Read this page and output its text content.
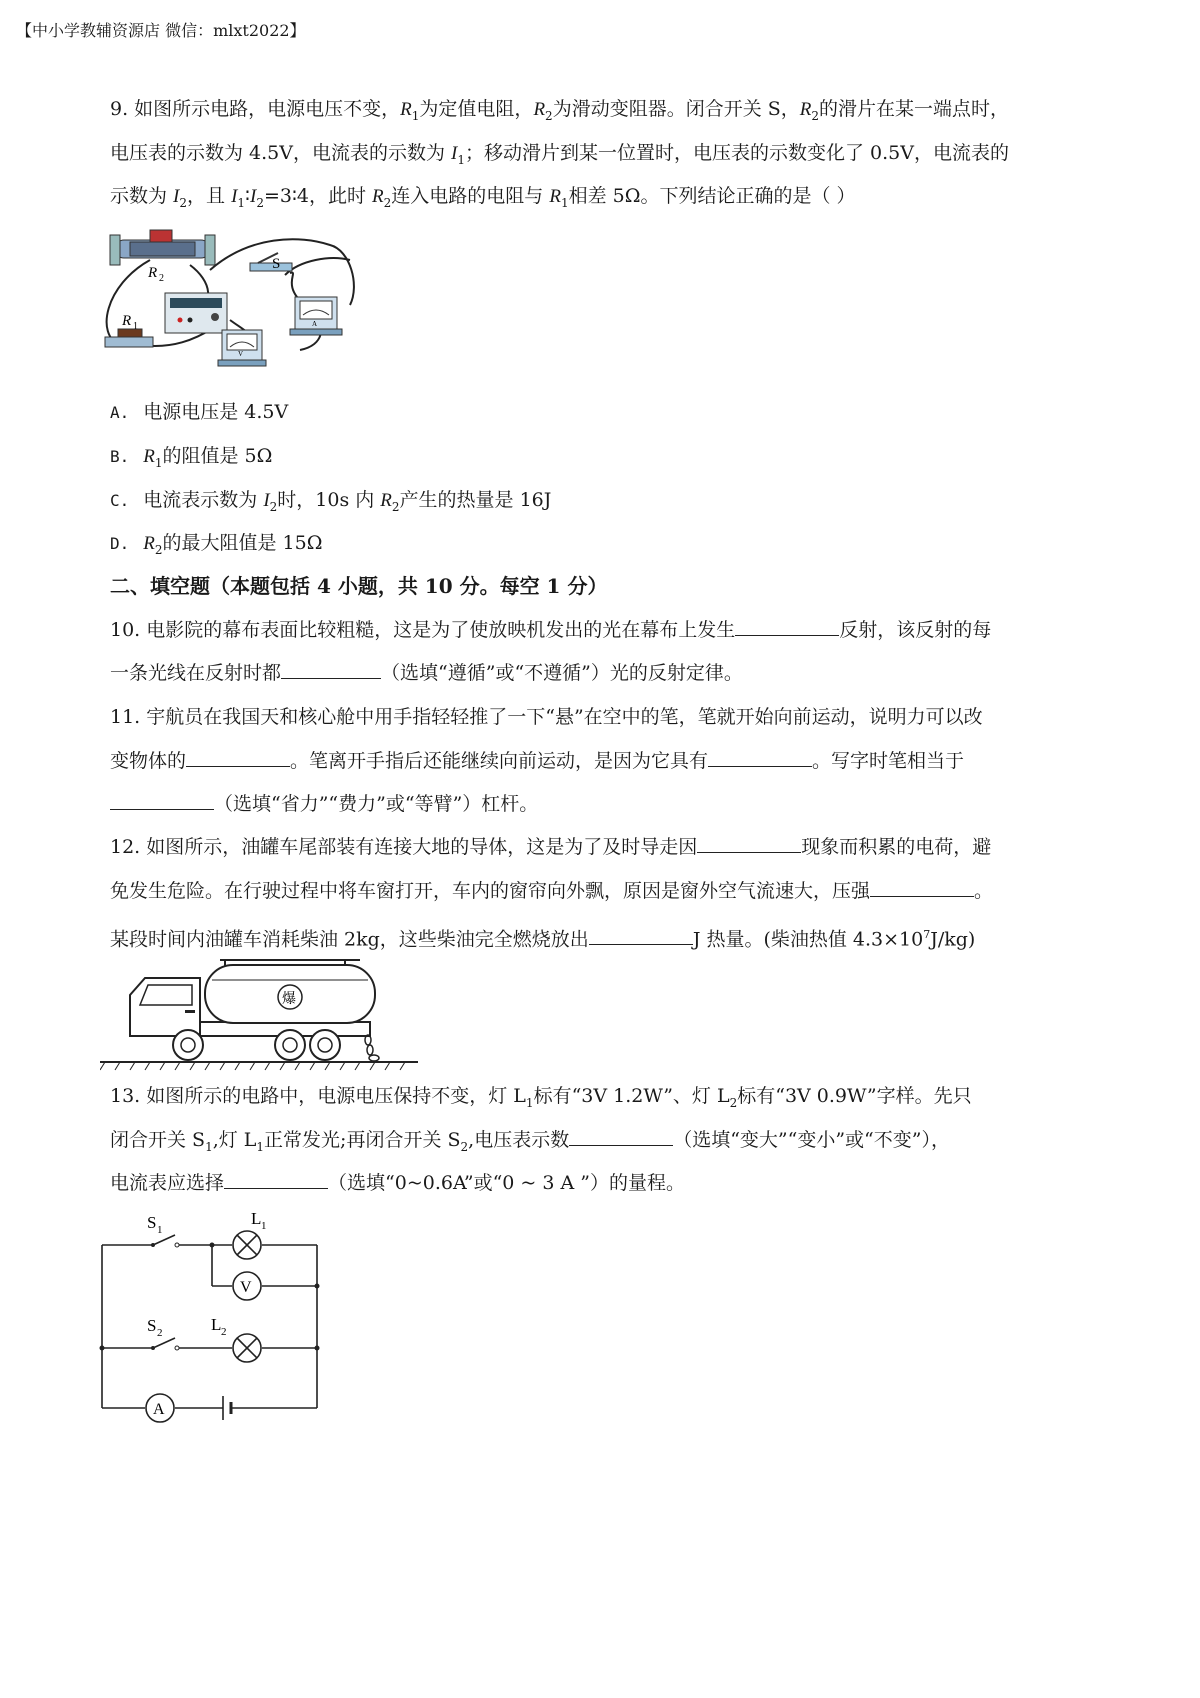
【中小学教辅资源店 微信：mlxt2022】
9. 如图所示电路，电源电压不变，$R_1$为定值电阻，$R_2$为滑动变阻器。闭合开关 S，$R_2$的滑片在某一端点时，
电压表的示数为 4.5V，电流表的示数为 $I_1$；移动滑片到某一位置时，电压表的示数变化了 0.5V，电流表的
示数为 $I_2$，且 $I_1∶I_2=3∶4$，此时 $R_2$连入电路的电阻与 $R_1$相差 5Ω。下列结论正确的是（ ）
R 2
S
R 1
V
A
A. 电源电压是 4.5V
B. $R_1$的阻值是 5Ω
C. 电流表示数为 $I_2$时，10s 内 $R_2$产生的热量是 16J
D. $R_2$的最大阻值是 15Ω
二、填空题（本题包括 4 小题，共 10 分。每空 1 分）
10. 电影院的幕布表面比较粗糙，这是为了使放映机发出的光在幕布上发生	反射，该反射的每
一条光线在反射时都	（选填“遵循”或“不遵循”）光的反射定律。
11. 宇航员在我国天和核心舱中用手指轻轻推了一下“悬”在空中的笔，笔就开始向前运动，说明力可以改
变物体的	。笔离开手指后还能继续向前运动，是因为它具有	。写字时笔相当于
（选填“省力”“费力”或“等臂”）杠杆。
12. 如图所示，油罐车尾部装有连接大地的导体，这是为了及时导走因	现象而积累的电荷，避
免发生危险。在行驶过程中将车窗打开，车内的窗帘向外飘，原因是窗外空气流速大，压强	。
某段时间内油罐车消耗柴油 2kg，这些柴油完全燃烧放出	J 热量。(柴油热值 $4.3\times 10^7J/kg$)
爆
13. 如图所示的电路中，电源电压保持不变，灯 $L_1$标有“3V 1.2W”、灯 $L_2$标有“3V 0.9W”字样。先只
闭合开关 $S_1$,灯 $L_1$正常发光;再闭合开关 $S_2$,电压表示数	（选填“变大”“变小”或“不变”），
电流表应选择	（选填“0~0.6A”或“0 ~ 3 A ”）的量程。
V
A
S 1
L 1
S 2	L 2
